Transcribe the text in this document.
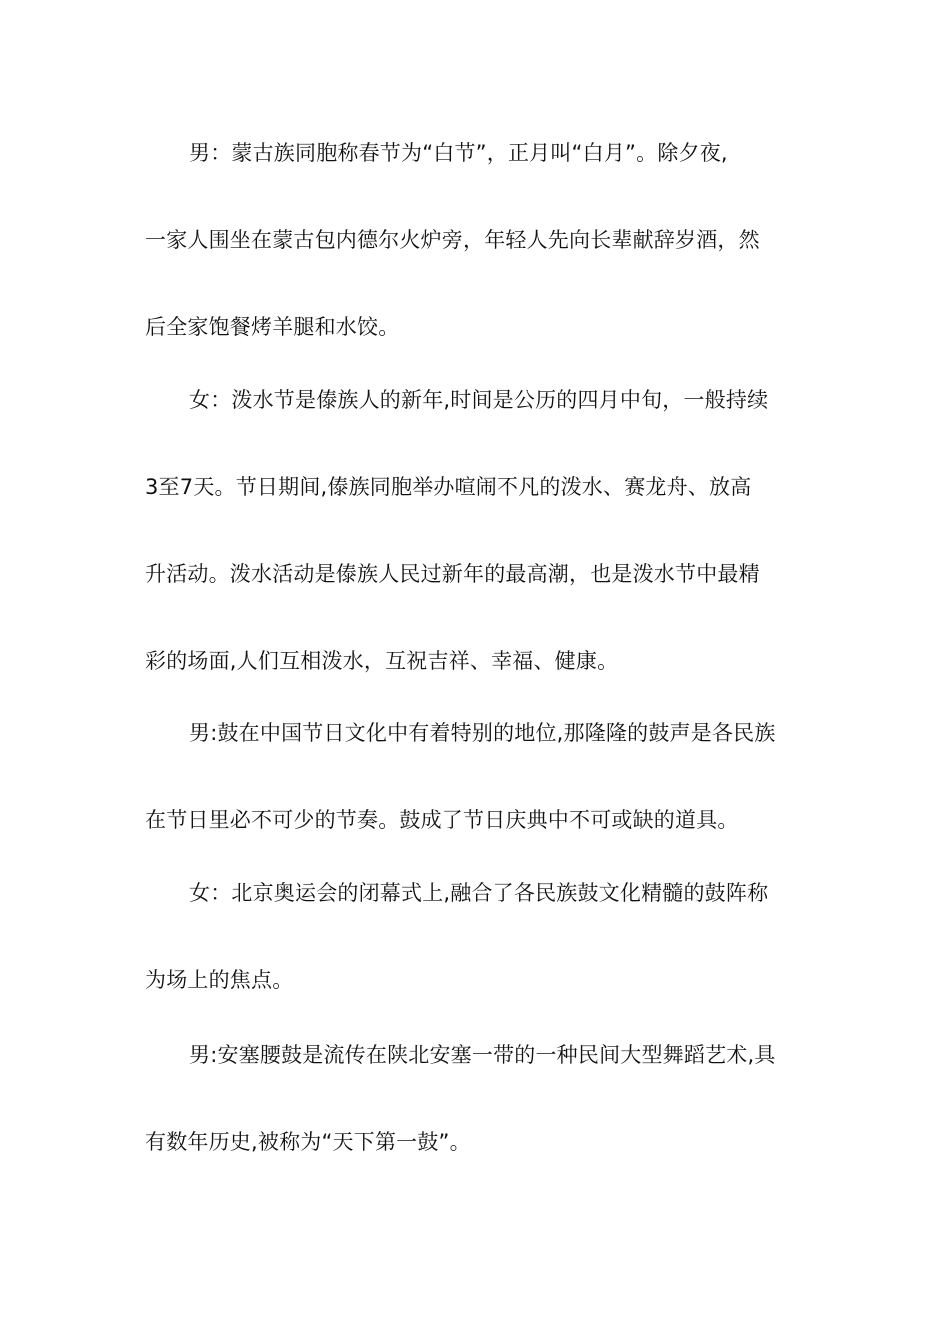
男：蒙古族同胞称春节为“白节”，正月叫“白月”。除夕夜,
一家人围坐在蒙古包内德尔火炉旁，年轻人先向长辈献辞岁酒，然
后全家饱餐烤羊腿和水饺。
女：泼水节是傣族人的新年,时间是公历的四月中旬，一般持续
3至7天。节日期间,傣族同胞举办喧闹不凡的泼水、赛龙舟、放高
升活动。泼水活动是傣族人民过新年的最高潮，也是泼水节中最精
彩的场面,人们互相泼水，互祝吉祥、幸福、健康。
男:鼓在中国节日文化中有着特别的地位,那隆隆的鼓声是各民族
在节日里必不可少的节奏。鼓成了节日庆典中不可或缺的道具。
女：北京奥运会的闭幕式上,融合了各民族鼓文化精髓的鼓阵称
为场上的焦点。
男:安塞腰鼓是流传在陕北安塞一带的一种民间大型舞蹈艺术,具
有数年历史,被称为“天下第一鼓”。
